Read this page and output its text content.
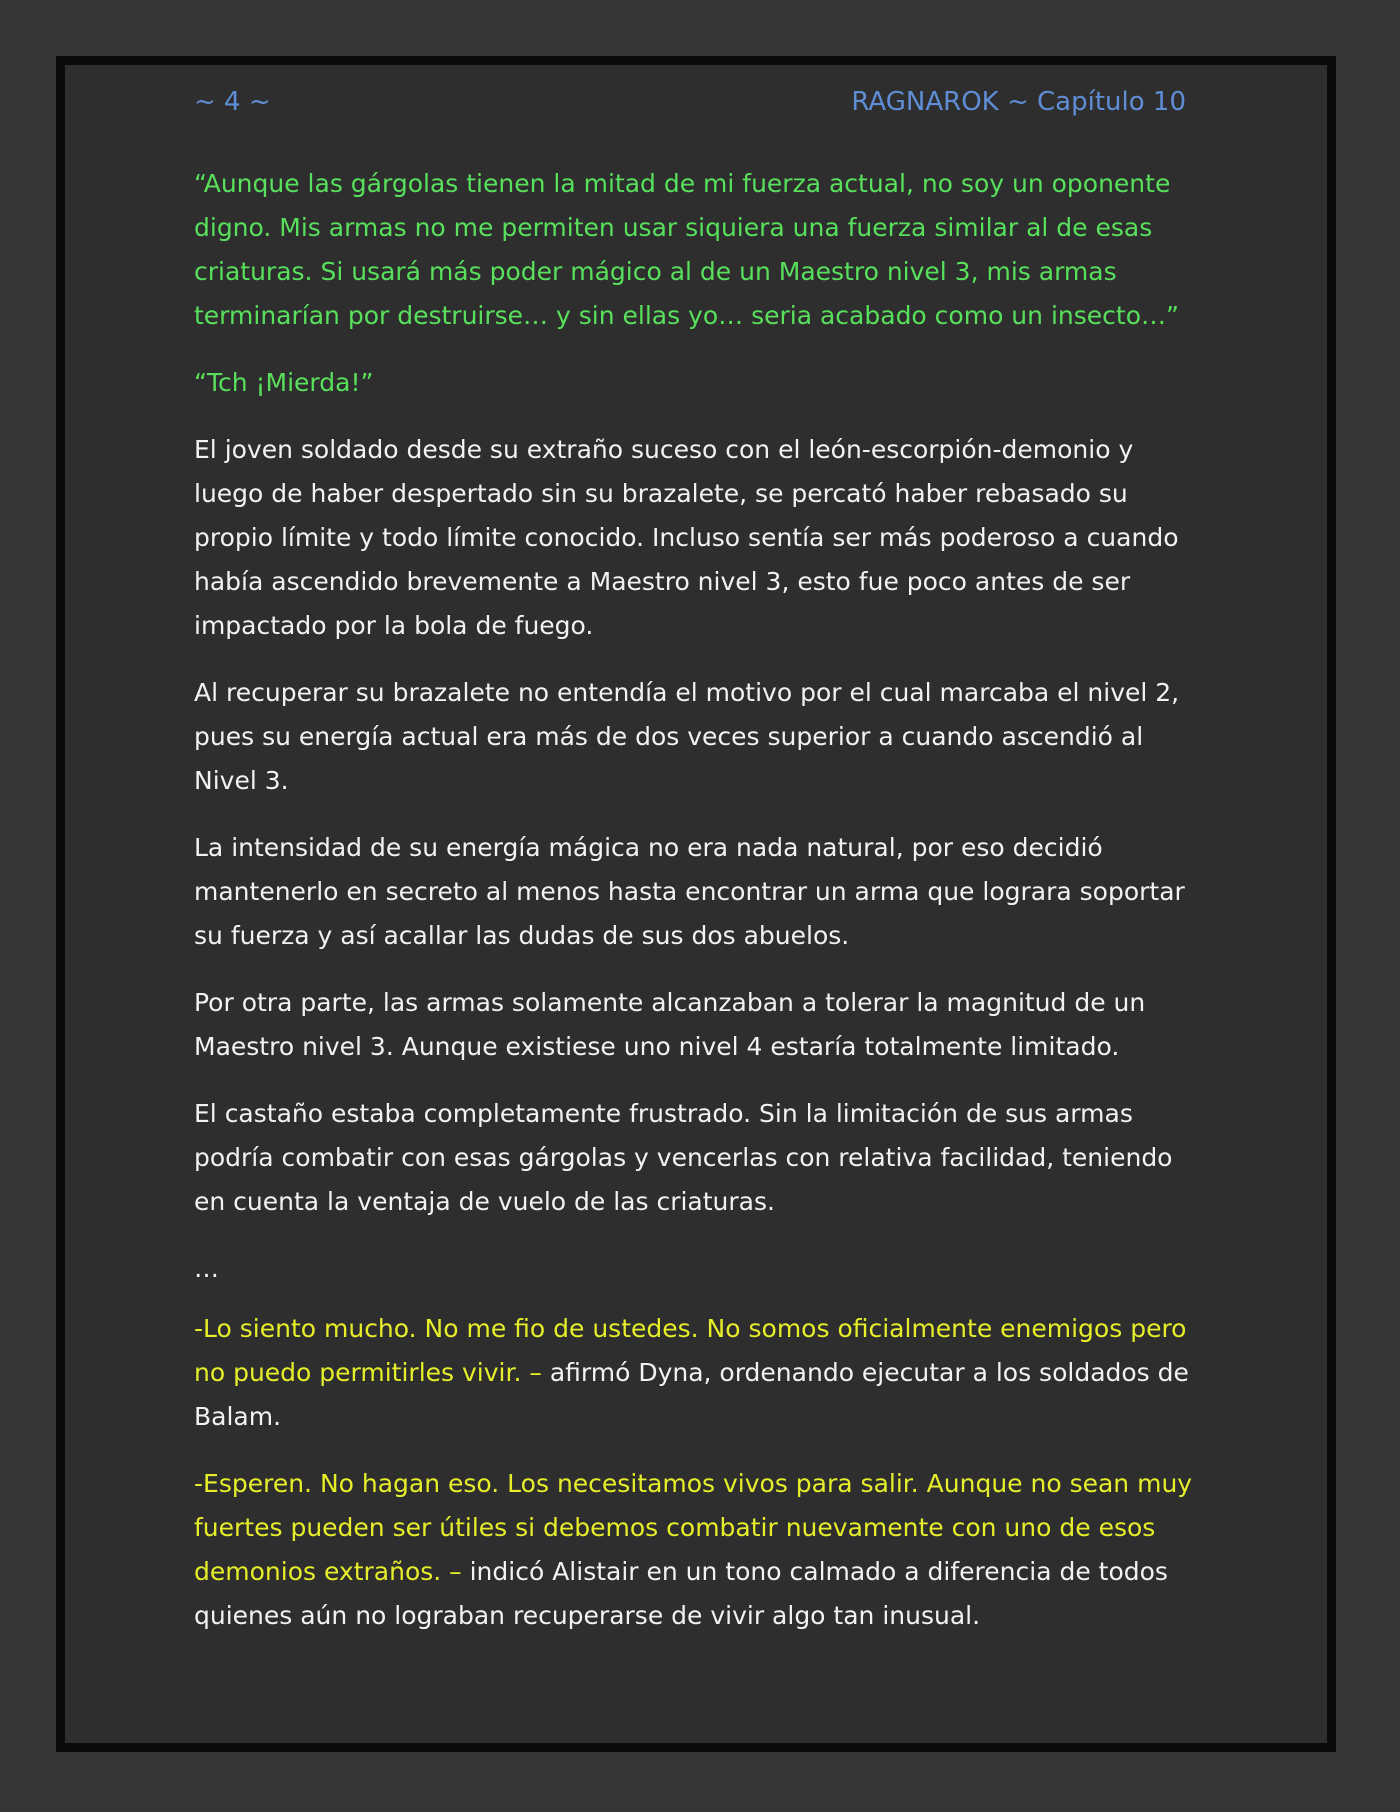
~ 4 ~	RAGNAROK ~ Capítulo 10

“Aunque las gárgolas tienen la mitad de mi fuerza actual, no soy un oponente digno. Mis armas no me permiten usar siquiera una fuerza similar al de esas criaturas. Si usará más poder mágico al de un Maestro nivel 3, mis armas terminarían por destruirse… y sin ellas yo… seria acabado como un insecto…”

“Tch ¡Mierda!”

El joven soldado desde su extraño suceso con el león-escorpión-demonio y luego de haber despertado sin su brazalete, se percató haber rebasado su propio límite y todo límite conocido. Incluso sentía ser más poderoso a cuando había ascendido brevemente a Maestro nivel 3, esto fue poco antes de ser impactado por la bola de fuego.

Al recuperar su brazalete no entendía el motivo por el cual marcaba el nivel 2, pues su energía actual era más de dos veces superior a cuando ascendió al Nivel 3.

La intensidad de su energía mágica no era nada natural, por eso decidió mantenerlo en secreto al menos hasta encontrar un arma que lograra soportar su fuerza y así acallar las dudas de sus dos abuelos.

Por otra parte, las armas solamente alcanzaban a tolerar la magnitud de un Maestro nivel 3. Aunque existiese uno nivel 4 estaría totalmente limitado.

El castaño estaba completamente frustrado. Sin la limitación de sus armas podría combatir con esas gárgolas y vencerlas con relativa facilidad, teniendo en cuenta la ventaja de vuelo de las criaturas.

…

-Lo siento mucho. No me fio de ustedes. No somos oficialmente enemigos pero no puedo permitirles vivir. – afirmó Dyna, ordenando ejecutar a los soldados de Balam.

-Esperen. No hagan eso. Los necesitamos vivos para salir. Aunque no sean muy fuertes pueden ser útiles si debemos combatir nuevamente con uno de esos demonios extraños. – indicó Alistair en un tono calmado a diferencia de todos quienes aún no lograban recuperarse de vivir algo tan inusual.
